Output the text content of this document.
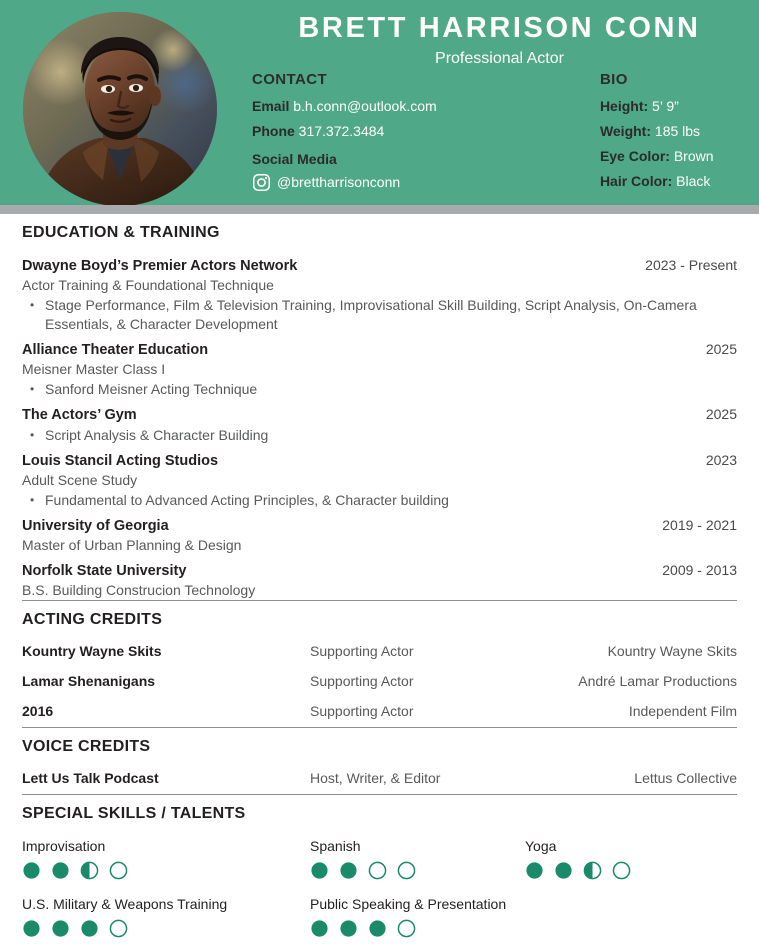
BRETT HARRISON CONN
Professional Actor
CONTACT
Email b.h.conn@outlook.com
Phone 317.372.3484
Social Media
@brettharrisonconn
BIO
Height: 5’ 9”
Weight: 185 lbs
Eye Color: Brown
Hair Color: Black
EDUCATION & TRAINING
Dwayne Boyd’s Premier Actors Network	2023 - Present
Actor Training & Foundational Technique
• Stage Performance, Film & Television Training, Improvisational Skill Building, Script Analysis, On-Camera Essentials, & Character Development
Alliance Theater Education	2025
Meisner Master Class I
• Sanford Meisner Acting Technique
The Actors’ Gym	2025
• Script Analysis & Character Building
Louis Stancil Acting Studios	2023
Adult Scene Study
• Fundamental to Advanced Acting Principles, & Character building
University of Georgia	2019 - 2021
Master of Urban Planning & Design
Norfolk State University	2009 - 2013
B.S. Building Construcion Technology
ACTING CREDITS
Kountry Wayne Skits	Supporting Actor	Kountry Wayne Skits
Lamar Shenanigans	Supporting Actor	André Lamar Productions
2016	Supporting Actor	Independent Film
VOICE CREDITS
Lett Us Talk Podcast	Host, Writer, & Editor	Lettus Collective
SPECIAL SKILLS / TALENTS
Improvisation	Spanish	Yoga
U.S. Military & Weapons Training	Public Speaking & Presentation
